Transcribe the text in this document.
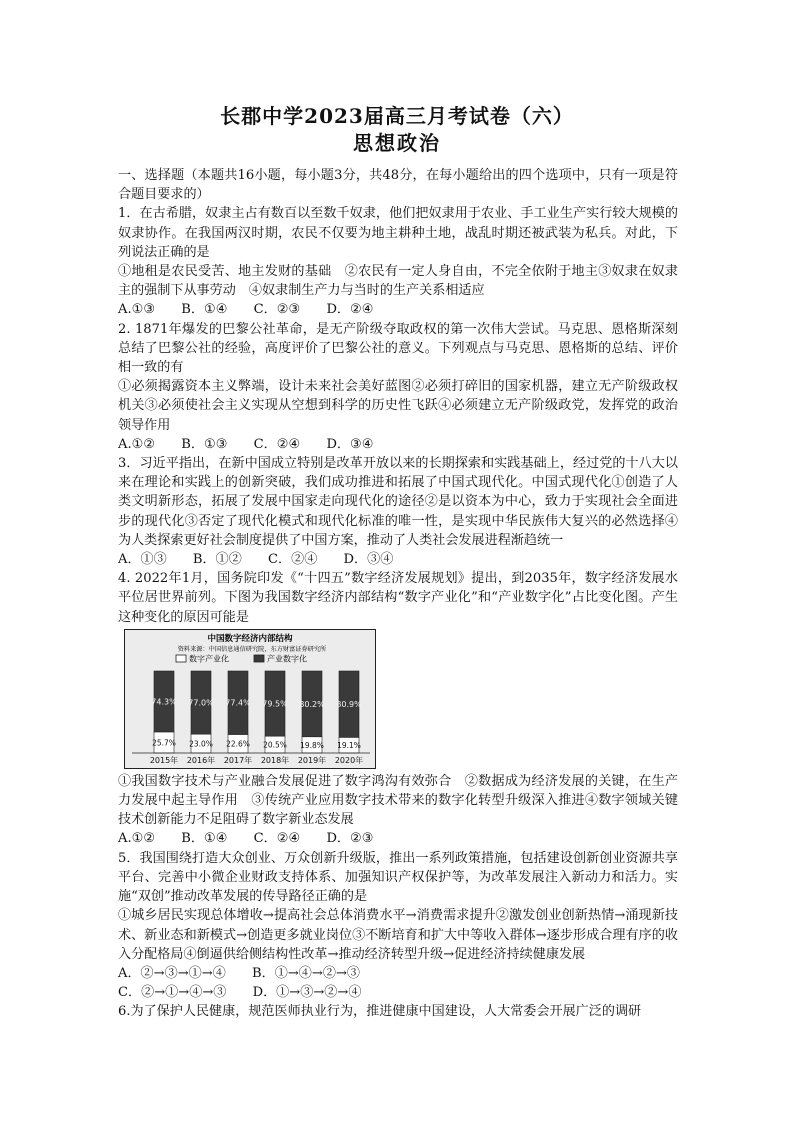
长郡中学2023届高三月考试卷（六）
思想政治

一、选择题（本题共16小题，每小题3分，共48分，在每小题给出的四个选项中，只有一项是符合题目要求的）

1．在古希腊，奴隶主占有数百以至数千奴隶，他们把奴隶用于农业、手工业生产实行较大规模的奴隶协作。在我国两汉时期，农民不仅要为地主耕种土地，战乱时期还被武装为私兵。对此，下列说法正确的是

①地租是农民受苦、地主发财的基础　②农民有一定人身自由，不完全依附于地主③奴隶在奴隶主的强制下从事劳动　④奴隶制生产力与当时的生产关系相适应

A.①③　　B．①④　　C．②③　　D．②④

2. 1871年爆发的巴黎公社革命，是无产阶级夺取政权的第一次伟大尝试。马克思、恩格斯深刻总结了巴黎公社的经验，高度评价了巴黎公社的意义。下列观点与马克思、恩格斯的总结、评价相一致的有

①必须揭露资本主义弊端，设计未来社会美好蓝图②必须打碎旧的国家机器，建立无产阶级政权机关③必须使社会主义实现从空想到科学的历史性飞跃④必须建立无产阶级政党，发挥党的政治领导作用

A.①②　　B．①③　　C．②④　　D．③④

3．习近平指出，在新中国成立特别是改革开放以来的长期探索和实践基础上，经过党的十八大以来在理论和实践上的创新突破，我们成功推进和拓展了中国式现代化。中国式现代化①创造了人类文明新形态，拓展了发展中国家走向现代化的途径②是以资本为中心，致力于实现社会全面进步的现代化③否定了现代化模式和现代化标准的唯一性，是实现中华民族伟大复兴的必然选择④为人类探索更好社会制度提供了中国方案，推动了人类社会发展进程渐趋统一

A．①③　　B．①②　　C．②④　　D．③④

4. 2022年1月，国务院印发《“十四五”数字经济发展规划》提出，到2035年，数字经济发展水平位居世界前列。下图为我国数字经济内部结构“数字产业化”和“产业数字化”占比变化图。产生这种变化的原因可能是

中国数字经济内部结构
资料来源：中国信息通信研究院，东方财富证券研究所
数字产业化	产业数字化
74.3%
25.7%
2015年
77.0%
23.0%
2016年
77.4%
22.6%
2017年
79.5%
20.5%
2018年
80.2%
19.8%
2019年
80.9%
19.1%
2020年

①我国数字技术与产业融合发展促进了数字鸿沟有效弥合　②数据成为经济发展的关键，在生产力发展中起主导作用　③传统产业应用数字技术带来的数字化转型升级深入推进④数字领域关键技术创新能力不足阻碍了数字新业态发展

A.①②　　B．①④　　C．②④　　D．②③

5．我国围绕打造大众创业、万众创新升级版，推出一系列政策措施，包括建设创新创业资源共享平台、完善中小微企业财政支持体系、加强知识产权保护等，为改革发展注入新动力和活力。实施“双创”推动改革发展的传导路径正确的是

①城乡居民实现总体增收→提高社会总体消费水平→消费需求提升②激发创业创新热情→涌现新技术、新业态和新模式→创造更多就业岗位③不断培育和扩大中等收入群体→逐步形成合理有序的收入分配格局④倒逼供给侧结构性改革→推动经济转型升级→促进经济持续健康发展

A．②→③→①→④　　B．①→④→②→③

C．②→①→④→③　　D．①→③→②→④

6.为了保护人民健康，规范医师执业行为，推进健康中国建设，人大常委会开展广泛的调研
